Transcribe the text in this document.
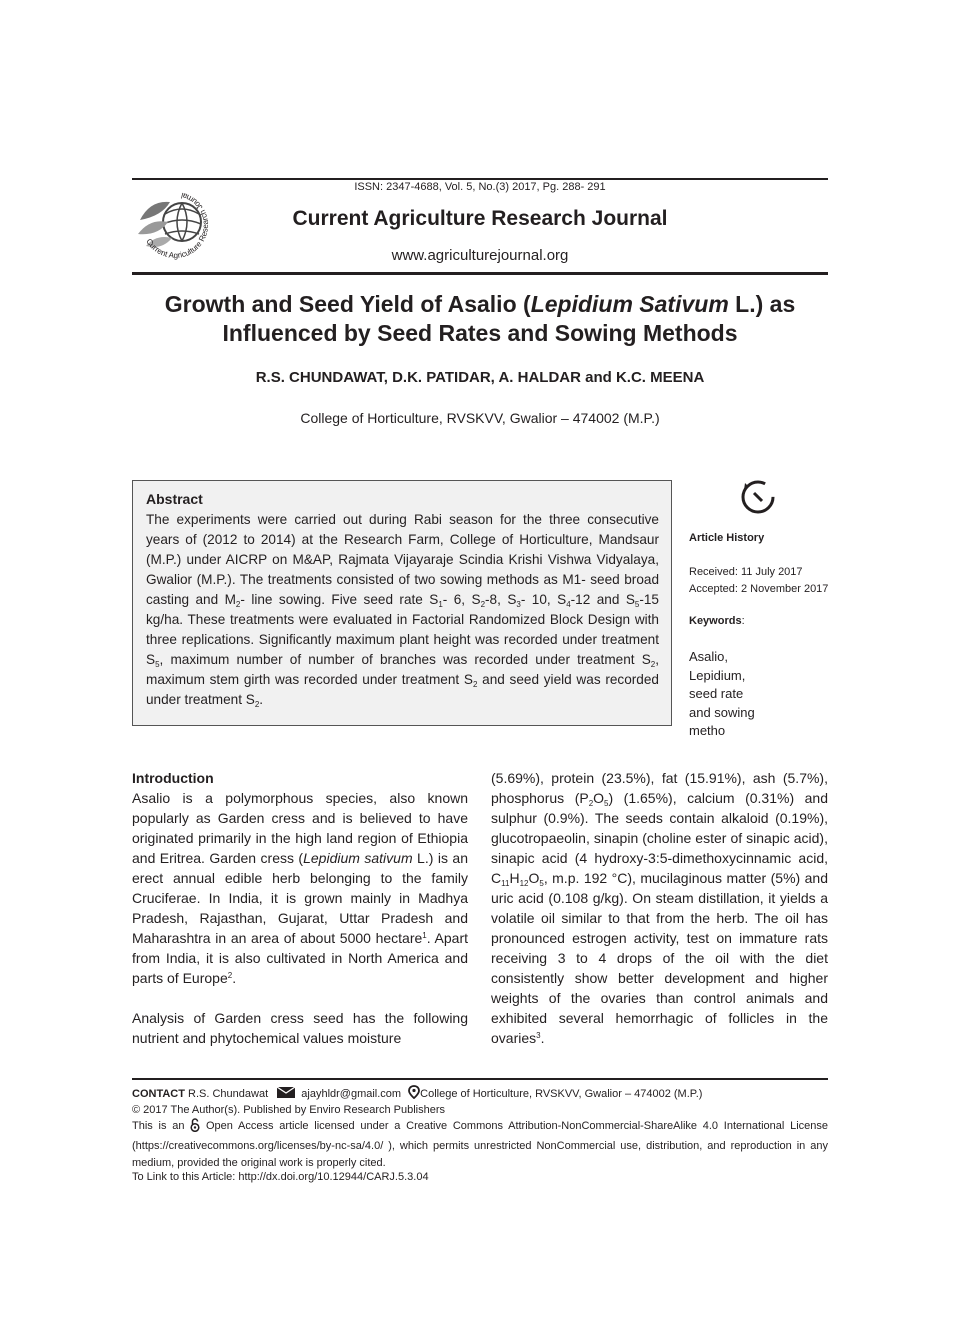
Current Agriculture Research Journal
ISSN: 2347-4688, Vol. 5, No.(3) 2017, Pg. 288- 291
Current Agriculture Research Journal
www.agriculturejournal.org
Growth and Seed Yield of Asalio (Lepidium Sativum L.) as
Influenced by Seed Rates and Sowing Methods
R.S. CHUNDAWAT, D.K. PATIDAR, A. HALDAR and K.C. MEENA
College of Horticulture, RVSKVV, Gwalior – 474002 (M.P.)
Abstract
The experiments were carried out during Rabi season for the three consecutive years of (2012 to 2014) at the Research Farm, College of Horticulture, Mandsaur (M.P.) under AICRP on M&AP, Rajmata Vijayaraje Scindia Krishi Vishwa Vidyalaya, Gwalior (M.P.). The treatments consisted of two sowing methods as M1- seed broad casting and $M_2-$ line sowing. Five seed rate $S_1-$ 6, $S_2-8$, $S_3-$ 10, $S_4-12$ and $S_5-15$ kg/ha. These treatments were evaluated in Factorial Randomized Block Design with three replications. Significantly maximum plant height was recorded under treatment $S_5$, maximum number of number of branches was recorded under treatment $S_2$, maximum stem girth was recorded under treatment $S_2$ and seed yield was recorded under treatment $S_2$.
Article History
Received: 11 July 2017
Accepted: 2 November 2017
Keywords:
Asalio,
Lepidium,
seed rate
and sowing
metho

Introduction

Asalio is a polymorphous species, also known popularly as Garden cress and is believed to have originated primarily in the high land region of Ethiopia and Eritrea. Garden cress (Lepidium sativum L.) is an erect annual edible herb belonging to the family Cruciferae. In India, it is grown mainly in Madhya Pradesh, Rajasthan, Gujarat, Uttar Pradesh and Maharashtra in an area of about 5000 hectare$^1$. Apart from India, it is also cultivated in North America and parts of Europe$^2$.

Analysis of Garden cress seed has the following nutrient and phytochemical values moisture

(5.69%), protein (23.5%), fat (15.91%), ash (5.7%), phosphorus $(P_2O_5)$ (1.65%), calcium (0.31%) and sulphur (0.9%). The seeds contain alkaloid (0.19%), glucotropaeolin, sinapin (choline ester of sinapic acid), sinapic acid (4 hydroxy-3:5-dimethoxycinnamic acid, $C_{11}H_{12}O_5$, m.p. 192 °C), mucilaginous matter (5%) and uric acid (0.108 g/kg). On steam distillation, it yields a volatile oil similar to that from the herb. The oil has pronounced estrogen activity, test on immature rats receiving 3 to 4 drops of the oil with the diet consistently show better development and higher weights of the ovaries than control animals and exhibited several hemorrhagic of follicles in the ovaries$^3$.

CONTACT R.S. Chundawat	ajayhldr@gmail.com College of Horticulture, RVSKVV, Gwalior – 474002 (M.P.)
© 2017 The Author(s). Published by Enviro Research Publishers
This is an Open Access article licensed under a Creative Commons Attribution-NonCommercial-ShareAlike 4.0 International License (https://creativecommons.org/licenses/by-nc-sa/4.0/ ), which permits unrestricted NonCommercial use, distribution, and reproduction in any medium, provided the original work is properly cited.
To Link to this Article: http://dx.doi.org/10.12944/CARJ.5.3.04
